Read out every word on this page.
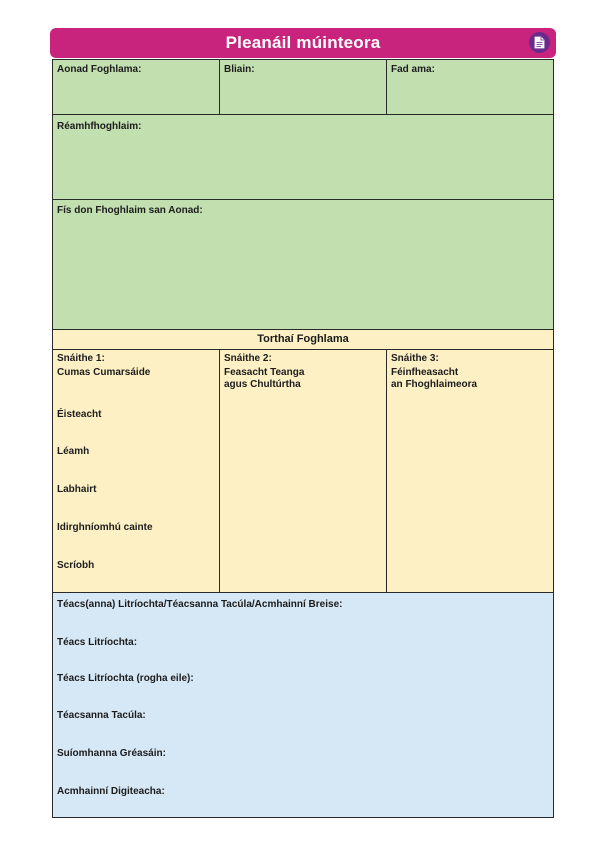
Pleanáil múinteora
Aonad Foghlama:	Bliain:	Fad ama:
Réamhfhoghlaim:
Fís don Fhoghlaim san Aonad:
Torthaí Foghlama
Snáithe 1:
Cumas Cumarsáide
Éisteacht
Léamh
Labhairt
Idirghníomhú cainte
Scríobh
Snáithe 2:
Feasacht Teanga
agus Chultúrtha
Snáithe 3:
Féinfheasacht
an Fhoghlaimeora
Téacs(anna) Litríochta/Téacsanna Tacúla/Acmhainní Breise:
Téacs Litríochta:
Téacs Litríochta (rogha eile):
Téacsanna Tacúla:
Suíomhanna Gréasáin:
Acmhainní Digiteacha:
